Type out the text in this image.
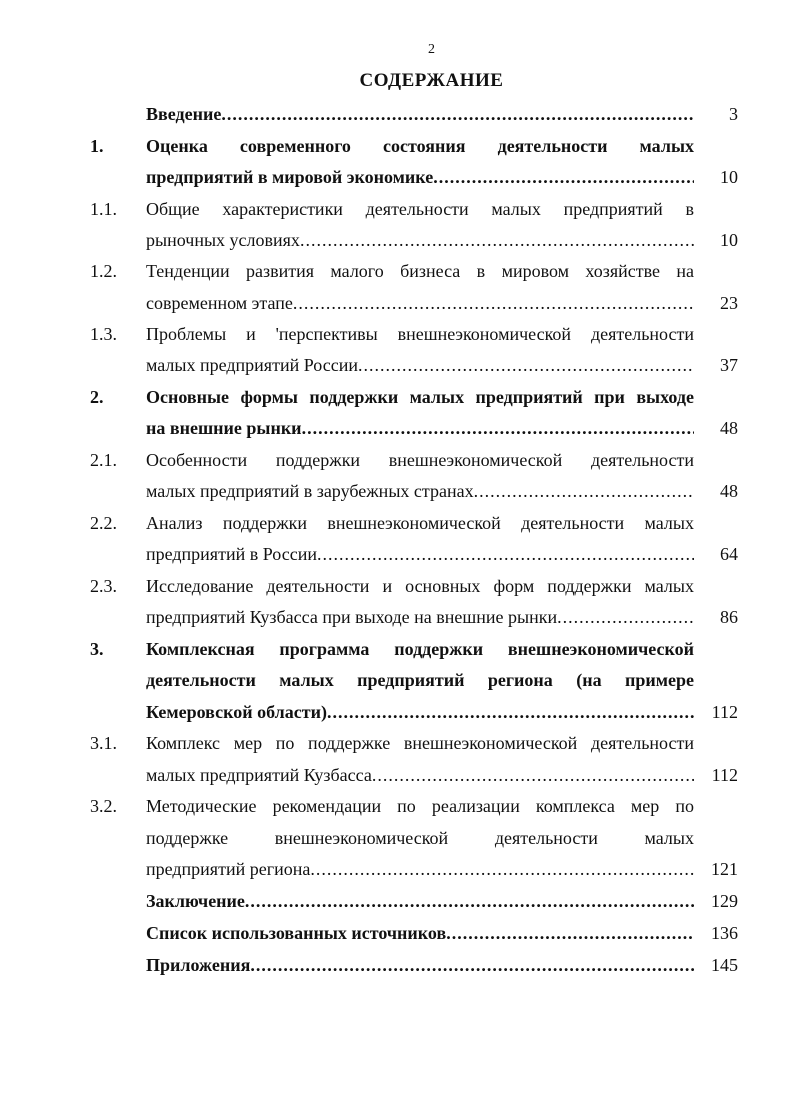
2
СОДЕРЖАНИЕ
Введение .....	3
1. Оценка современного состояния деятельности малых
предприятий в мировой экономике .....	10
1.1. Общие характеристики деятельности малых предприятий в
рыночных условиях .....	10
1.2. Тенденции развития малого бизнеса в мировом хозяйстве на
современном этапе .....	23
1.3. Проблемы и 'перспективы внешнеэкономической деятельности
малых предприятий России .....	37
2. Основные формы поддержки малых предприятий при выходе
на внешние рынки .....	48
2.1. Особенности поддержки внешнеэкономической деятельности
малых предприятий в зарубежных странах .....	48
2.2. Анализ поддержки внешнеэкономической деятельности малых
предприятий в России .....	64
2.3. Исследование деятельности и основных форм поддержки малых
предприятий Кузбасса при выходе на внешние рынки .....	86
3. Комплексная программа поддержки внешнеэкономической
деятельности малых предприятий региона (на примере
Кемеровской области) .....	112
3.1. Комплекс мер по поддержке внешнеэкономической деятельности
малых предприятий Кузбасса .....	112
3.2. Методические рекомендации по реализации комплекса мер по
поддержке внешнеэкономической деятельности малых
предприятий региона .....	121
Заключение .....	129
Список использованных источников .....	136
Приложения .....	145
